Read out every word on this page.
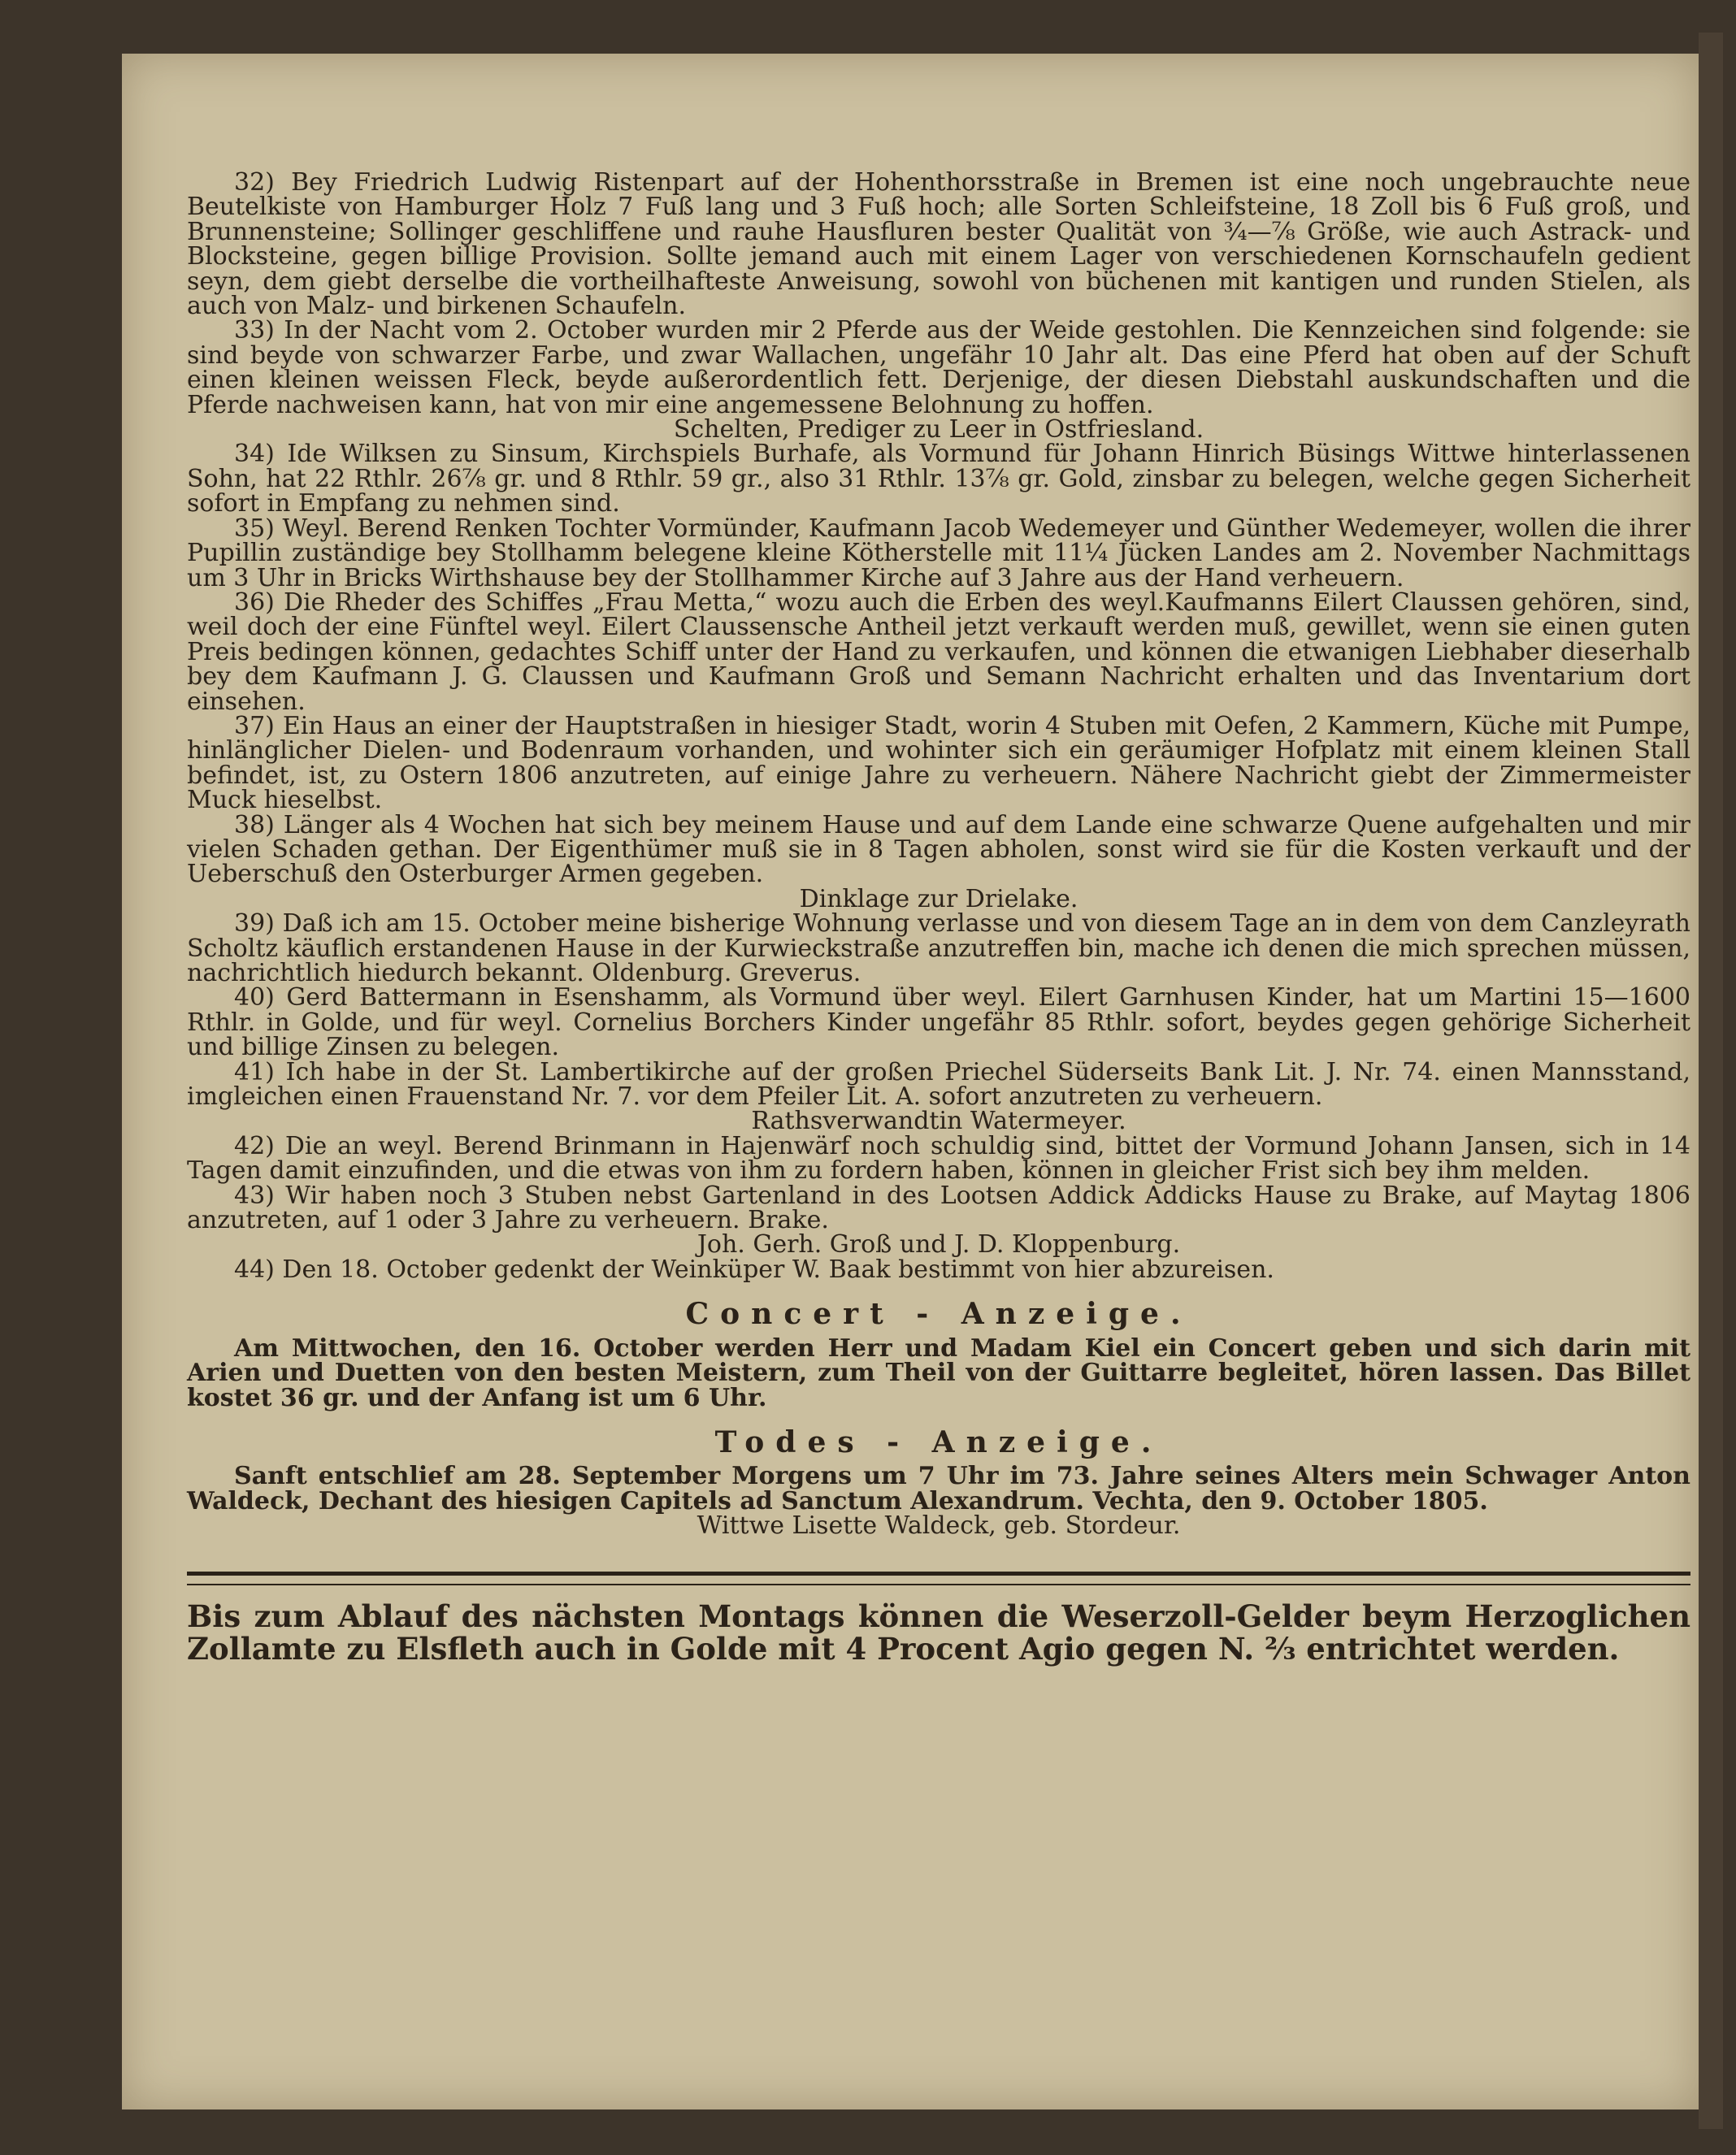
32) Bey Friedrich Ludwig Ristenpart auf der Hohenthorsstraße in Bremen ist eine noch ungebrauchte neue Beutelkiste von Hamburger Holz 7 Fuß lang und 3 Fuß hoch; alle Sorten Schleifsteine, 18 Zoll bis 6 Fuß groß, und Brunnensteine; Sollinger geschliffene und rauhe Hausfluren bester Qualität von ¾—⅞ Größe, wie auch Astrack- und Blocksteine, gegen billige Provision. Sollte jemand auch mit einem Lager von verschiedenen Kornschaufeln gedient seyn, dem giebt derselbe die vortheilhafteste Anweisung, sowohl von büchenen mit kantigen und runden Stielen, als auch von Malz- und birkenen Schaufeln.

33) In der Nacht vom 2. October wurden mir 2 Pferde aus der Weide gestohlen. Die Kennzeichen sind folgende: sie sind beyde von schwarzer Farbe, und zwar Wallachen, ungefähr 10 Jahr alt. Das eine Pferd hat oben auf der Schuft einen kleinen weissen Fleck, beyde außerordentlich fett. Derjenige, der diesen Diebstahl auskundschaften und die Pferde nachweisen kann, hat von mir eine angemessene Belohnung zu hoffen.

Schelten, Prediger zu Leer in Ostfriesland.

34) Ide Wilksen zu Sinsum, Kirchspiels Burhafe, als Vormund für Johann Hinrich Büsings Wittwe hinterlassenen Sohn, hat 22 Rthlr. 26⅞ gr. und 8 Rthlr. 59 gr., also 31 Rthlr. 13⅞ gr. Gold, zinsbar zu belegen, welche gegen Sicherheit sofort in Empfang zu nehmen sind.

35) Weyl. Berend Renken Tochter Vormünder, Kaufmann Jacob Wedemeyer und Günther Wedemeyer, wollen die ihrer Pupillin zuständige bey Stollhamm belegene kleine Kötherstelle mit 11¼ Jücken Landes am 2. November Nachmittags um 3 Uhr in Bricks Wirthshause bey der Stollhammer Kirche auf 3 Jahre aus der Hand verheuern.

36) Die Rheder des Schiffes „Frau Metta,“ wozu auch die Erben des weyl.Kaufmanns Eilert Claussen gehören, sind, weil doch der eine Fünftel weyl. Eilert Claussensche Antheil jetzt verkauft werden muß, gewillet, wenn sie einen guten Preis bedingen können, gedachtes Schiff unter der Hand zu verkaufen, und können die etwanigen Liebhaber dieserhalb bey dem Kaufmann J. G. Claussen und Kaufmann Groß und Semann Nachricht erhalten und das Inventarium dort einsehen.

37) Ein Haus an einer der Hauptstraßen in hiesiger Stadt, worin 4 Stuben mit Oefen, 2 Kammern, Küche mit Pumpe, hinlänglicher Dielen- und Bodenraum vorhanden, und wohinter sich ein geräumiger Hofplatz mit einem kleinen Stall befindet, ist, zu Ostern 1806 anzutreten, auf einige Jahre zu verheuern. Nähere Nachricht giebt der Zimmermeister Muck hieselbst.

38) Länger als 4 Wochen hat sich bey meinem Hause und auf dem Lande eine schwarze Quene aufgehalten und mir vielen Schaden gethan. Der Eigenthümer muß sie in 8 Tagen abholen, sonst wird sie für die Kosten verkauft und der Ueberschuß den Osterburger Armen gegeben.

Dinklage zur Drielake.

39) Daß ich am 15. October meine bisherige Wohnung verlasse und von diesem Tage an in dem von dem Canzleyrath Scholtz käuflich erstandenen Hause in der Kurwieckstraße anzutreffen bin, mache ich denen die mich sprechen müssen, nachrichtlich hiedurch bekannt. Oldenburg. Greverus.

40) Gerd Battermann in Esenshamm, als Vormund über weyl. Eilert Garnhusen Kinder, hat um Martini 15—1600 Rthlr. in Golde, und für weyl. Cornelius Borchers Kinder ungefähr 85 Rthlr. sofort, beydes gegen gehörige Sicherheit und billige Zinsen zu belegen.

41) Ich habe in der St. Lambertikirche auf der großen Priechel Süderseits Bank Lit. J. Nr. 74. einen Mannsstand, imgleichen einen Frauenstand Nr. 7. vor dem Pfeiler Lit. A. sofort anzutreten zu verheuern.

Rathsverwandtin Watermeyer.

42) Die an weyl. Berend Brinmann in Hajenwärf noch schuldig sind, bittet der Vormund Johann Jansen, sich in 14 Tagen damit einzufinden, und die etwas von ihm zu fordern haben, können in gleicher Frist sich bey ihm melden.

43) Wir haben noch 3 Stuben nebst Gartenland in des Lootsen Addick Addicks Hause zu Brake, auf Maytag 1806 anzutreten, auf 1 oder 3 Jahre zu verheuern. Brake.

Joh. Gerh. Groß und J. D. Kloppenburg.

44) Den 18. October gedenkt der Weinküper W. Baak bestimmt von hier abzureisen.

Concert - Anzeige.

Am Mittwochen, den 16. October werden Herr und Madam Kiel ein Concert geben und sich darin mit Arien und Duetten von den besten Meistern, zum Theil von der Guittarre begleitet, hören lassen. Das Billet kostet 36 gr. und der Anfang ist um 6 Uhr.

Todes - Anzeige.

Sanft entschlief am 28. September Morgens um 7 Uhr im 73. Jahre seines Alters mein Schwager Anton Waldeck, Dechant des hiesigen Capitels ad Sanctum Alexandrum. Vechta, den 9. October 1805.

Wittwe Lisette Waldeck, geb. Stordeur.

Bis zum Ablauf des nächsten Montags können die Weserzoll-Gelder beym Herzoglichen Zollamte zu Elsfleth auch in Golde mit 4 Procent Agio gegen N. ⅔ entrichtet werden.
